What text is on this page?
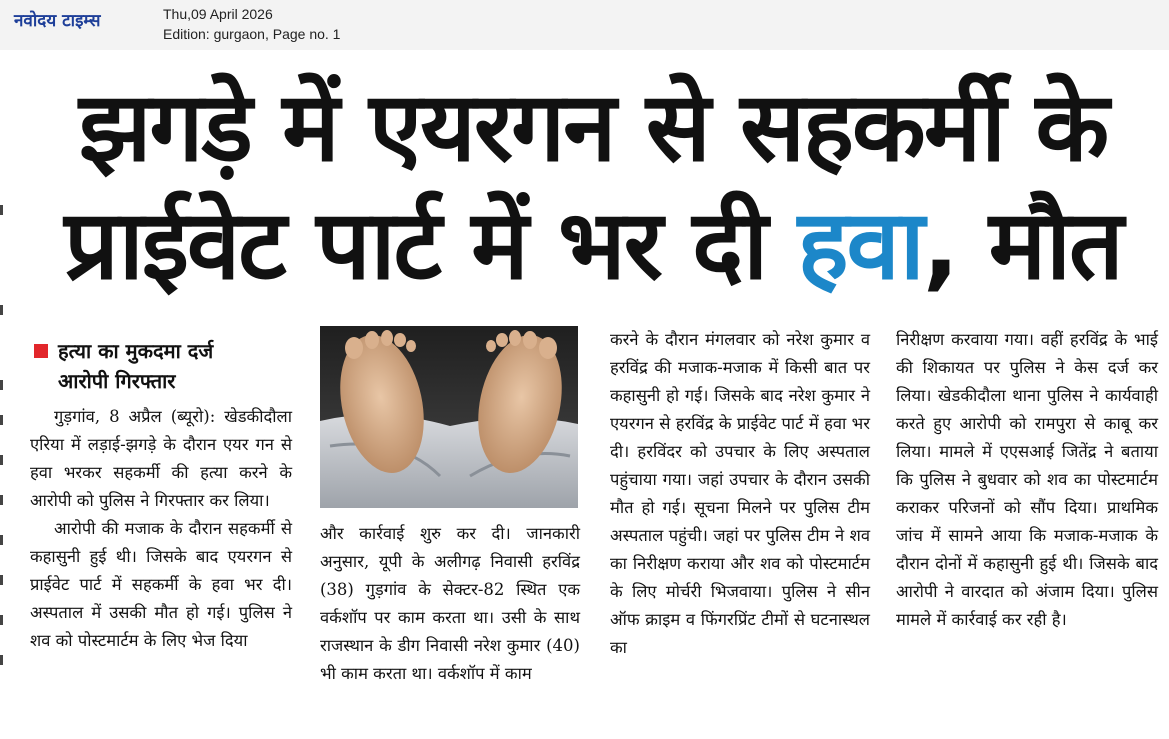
नवोदय टाइम्स	Thu,09 April 2026
Edition: gurgaon, Page no. 1
झगड़े में एयरगन से सहकर्मी के
प्राईवेट पार्ट में भर दी हवा, मौत
हत्या का मुकदमा दर्ज
आरोपी गिरफ्तार

गुड़गांव, 8 अप्रैल (ब्यूरो): खेडकीदौला एरिया में लड़ाई-झगड़े के दौरान एयर गन से हवा भरकर सहकर्मी की हत्या करने के आरोपी को पुलिस ने गिरफ्तार कर लिया।

आरोपी की मजाक के दौरान सहकर्मी से कहासुनी हुई थी। जिसके बाद एयरगन से प्राईवेट पार्ट में सहकर्मी के हवा भर दी। अस्पताल में उसकी मौत हो गई। पुलिस ने शव को पोस्टमार्टम के लिए भेज दिया

और कार्रवाई शुरु कर दी। जानकारी अनुसार, यूपी के अलीगढ़ निवासी हरविंद्र (38) गुड़गांव के सेक्टर-82 स्थित एक वर्कशॉप पर काम करता था। उसी के साथ राजस्थान के डीग निवासी नरेश कुमार (40) भी काम करता था। वर्कशॉप में काम

करने के दौरान मंगलवार को नरेश कुमार व हरविंद्र की मजाक-मजाक में किसी बात पर कहासुनी हो गई। जिसके बाद नरेश कुमार ने एयरगन से हरविंद्र के प्राईवेट पार्ट में हवा भर दी। हरविंदर को उपचार के लिए अस्पताल पहुंचाया गया। जहां उपचार के दौरान उसकी मौत हो गई। सूचना मिलने पर पुलिस टीम अस्पताल पहुंची। जहां पर पुलिस टीम ने शव का निरीक्षण कराया और शव को पोस्टमार्टम के लिए मोर्चरी भिजवाया। पुलिस ने सीन ऑफ क्राइम व फिंगरप्रिंट टीमों से घटनास्थल का

निरीक्षण करवाया गया। वहीं हरविंद्र के भाई की शिकायत पर पुलिस ने केस दर्ज कर लिया। खेडकीदौला थाना पुलिस ने कार्यवाही करते हुए आरोपी को रामपुरा से काबू कर लिया। मामले में एएसआई जितेंद्र ने बताया कि पुलिस ने बुधवार को शव का पोस्टमार्टम कराकर परिजनों को सौंप दिया। प्राथमिक जांच में सामने आया कि मजाक-मजाक के दौरान दोनों में कहासुनी हुई थी। जिसके बाद आरोपी ने वारदात को अंजाम दिया। पुलिस मामले में कार्रवाई कर रही है।
